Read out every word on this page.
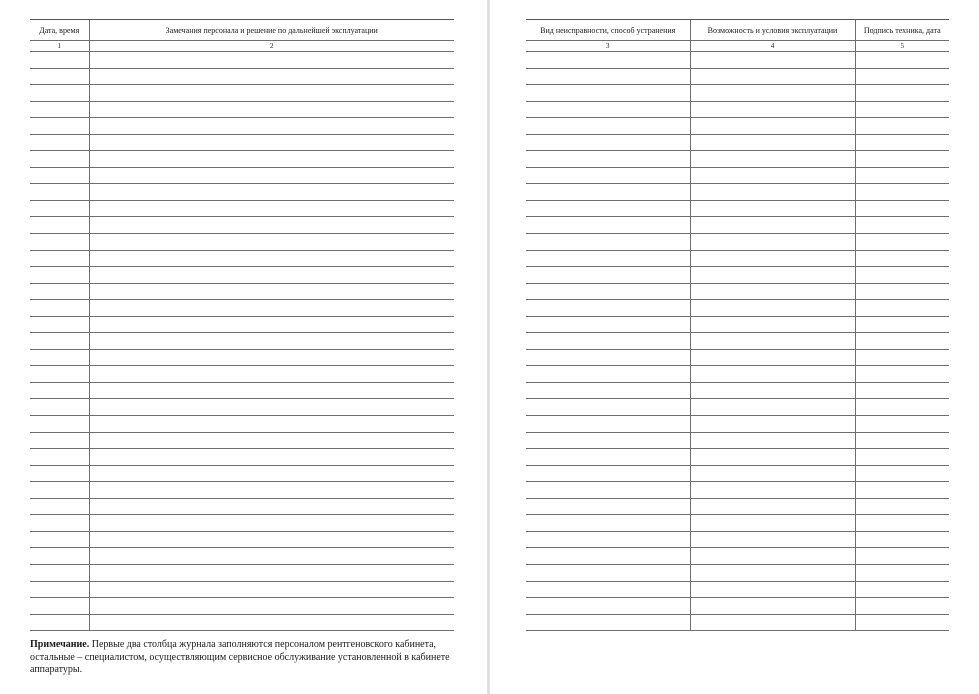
Дата, время	Замечания персонала и решение по дальнейшей эксплуатации
1	2

Примечание. Первые два столбца журнала заполняются персоналом рентгеновского кабинета, остальные – специалистом, осуществляющим сервисное обслуживание установленной в кабинете аппаратуры.

Вид неисправности, способ устранения	Возможность и условия эксплуатации	Подпись техника, дата
3	4	5
